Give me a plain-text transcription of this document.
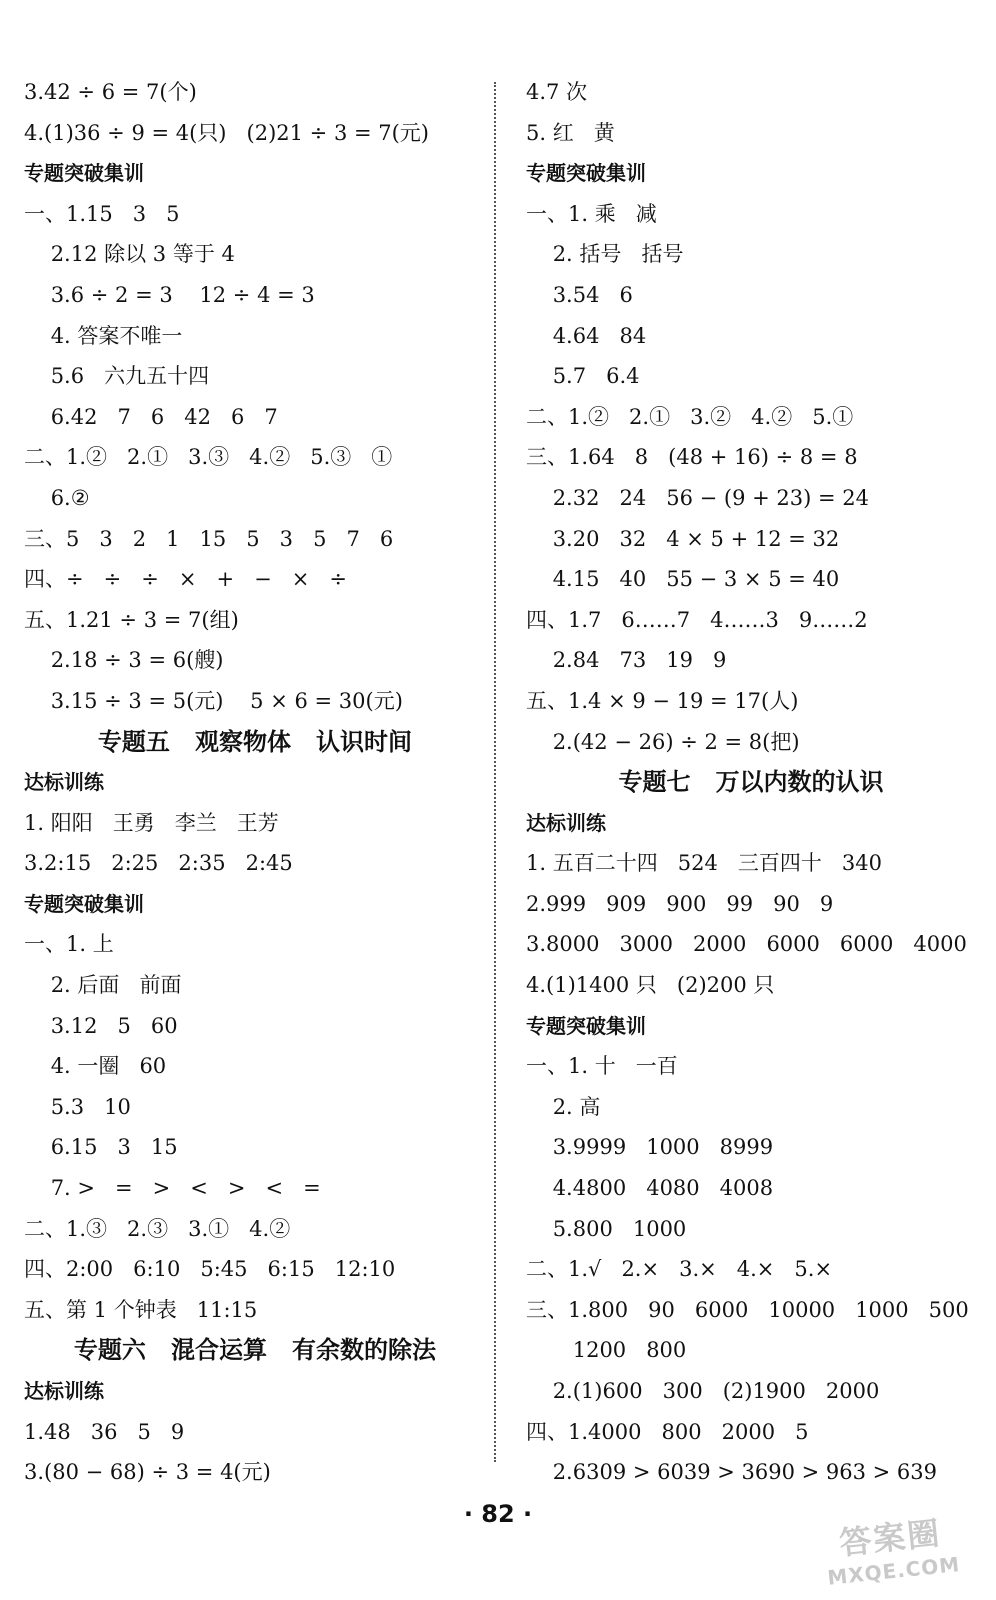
3.42 ÷ 6 = 7(个)
4.(1)36 ÷ 9 = 4(只)   (2)21 ÷ 3 = 7(元)
专题突破集训
一、1.15   3   5
2.12 除以 3 等于 4
3.6 ÷ 2 = 3    12 ÷ 4 = 3
4. 答案不唯一
5.6   六九五十四
6.42   7   6   42   6   7
二、1.②   2.①   3.③   4.②   5.③   ①
6.②
三、5   3   2   1   15   5   3   5   7   6
四、÷   ÷   ÷   ×   +   −   ×   ÷
五、1.21 ÷ 3 = 7(组)
2.18 ÷ 3 = 6(艘)
3.15 ÷ 3 = 5(元)    5 × 6 = 30(元)
专题五   观察物体   认识时间
达标训练
1. 阳阳   王勇   李兰   王芳
3.2:15   2:25   2:35   2:45
专题突破集训
一、1. 上
2. 后面   前面
3.12   5   60
4. 一圈   60
5.3   10
6.15   3   15
7. >   =   >   <   >   <   =
二、1.③   2.③   3.①   4.②
四、2:00   6:10   5:45   6:15   12:10
五、第 1 个钟表   11:15
专题六   混合运算   有余数的除法
达标训练
1.48   36   5   9
3.(80 − 68) ÷ 3 = 4(元)
4.7 次
5. 红   黄
专题突破集训
一、1. 乘   减
2. 括号   括号
3.54   6
4.64   84
5.7   6.4
二、1.②   2.①   3.②   4.②   5.①
三、1.64   8   (48 + 16) ÷ 8 = 8
2.32   24   56 − (9 + 23) = 24
3.20   32   4 × 5 + 12 = 32
4.15   40   55 − 3 × 5 = 40
四、1.7   6……7   4……3   9……2
2.84   73   19   9
五、1.4 × 9 − 19 = 17(人)
2.(42 − 26) ÷ 2 = 8(把)
专题七   万以内数的认识
达标训练
1. 五百二十四   524   三百四十   340
2.999   909   900   99   90   9
3.8000   3000   2000   6000   6000   4000
4.(1)1400 只   (2)200 只
专题突破集训
一、1. 十   一百
2. 高
3.9999   1000   8999
4.4800   4080   4008
5.800   1000
二、1.√   2.×   3.×   4.×   5.×
三、1.800   90   6000   10000   1000   500
1200   800
2.(1)600   300   (2)1900   2000
四、1.4000   800   2000   5
2.6309 > 6039 > 3690 > 963 > 639
· 82 ·	答案圈
MXQE.COM
